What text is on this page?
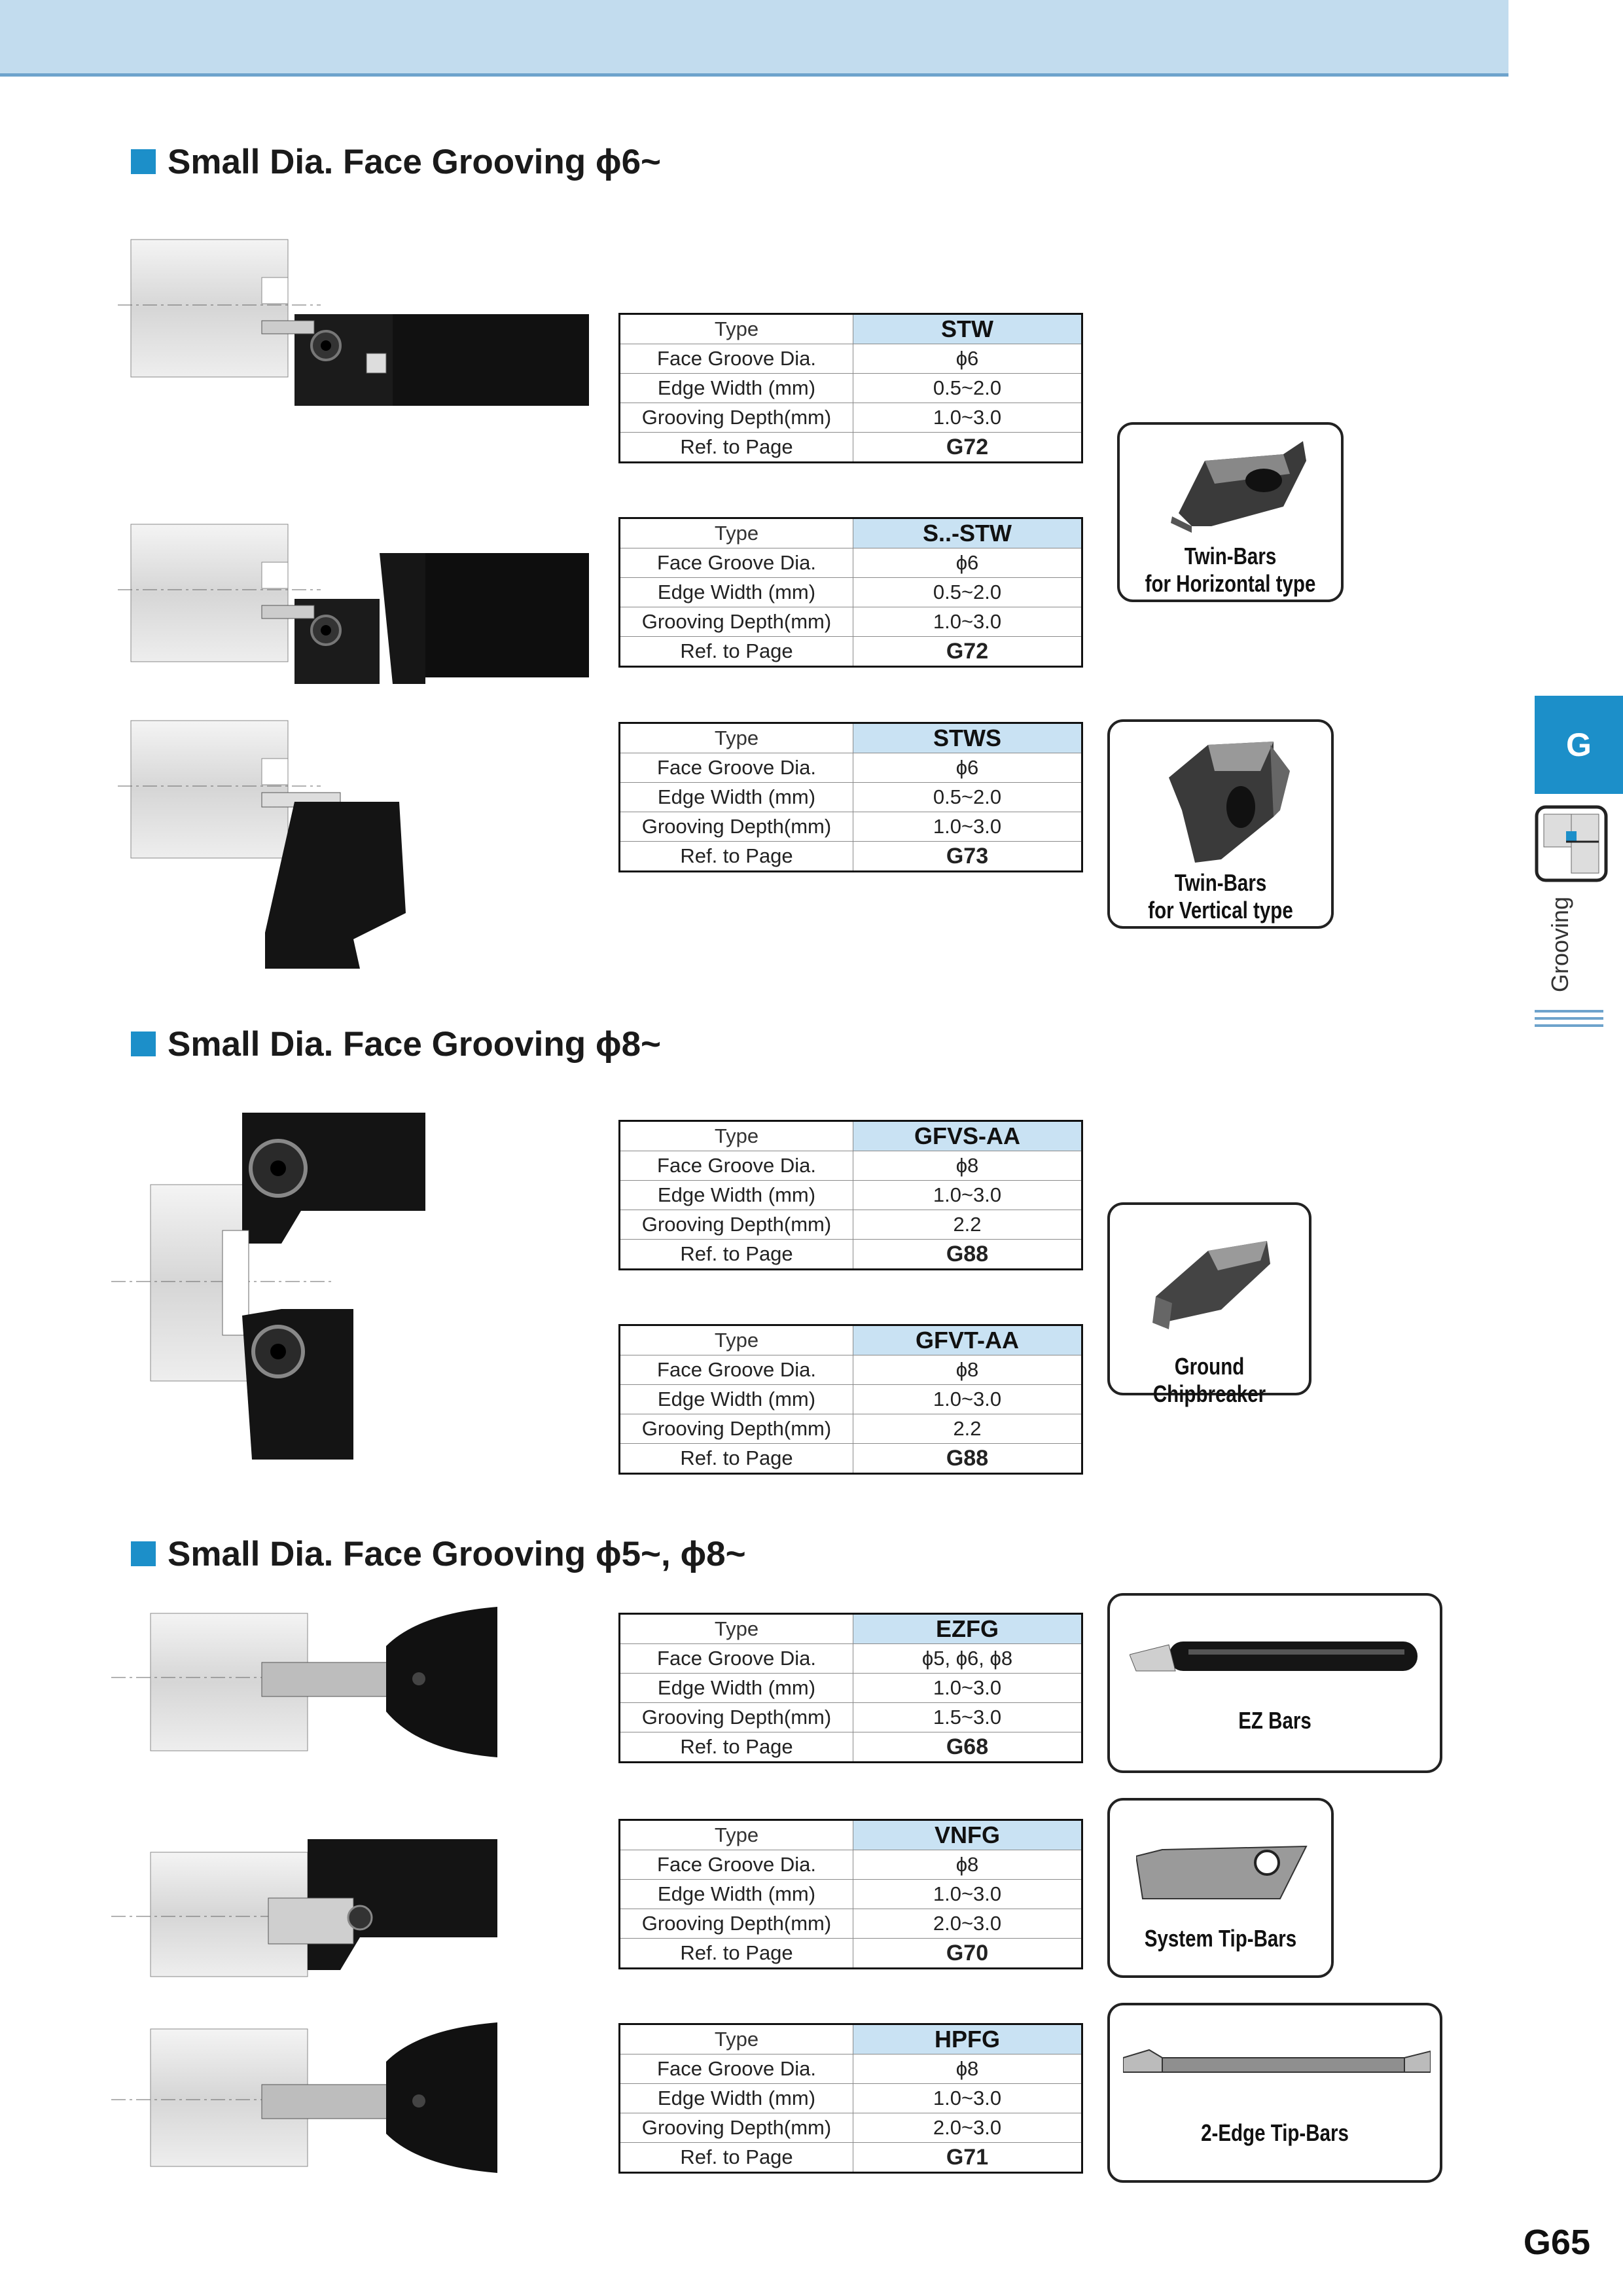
Small Dia. Face Grooving ϕ6~
Small Dia. Face Grooving ϕ8~
Small Dia. Face Grooving ϕ5~, ϕ8~
Type	STW
Face Groove Dia.	ϕ6
Edge Width (mm)	0.5~2.0
Grooving Depth(mm)	1.0~3.0
Ref. to Page	G72
Type	S..-STW
Face Groove Dia.	ϕ6
Edge Width (mm)	0.5~2.0
Grooving Depth(mm)	1.0~3.0
Ref. to Page	G72
Type	STWS
Face Groove Dia.	ϕ6
Edge Width (mm)	0.5~2.0
Grooving Depth(mm)	1.0~3.0
Ref. to Page	G73
Type	GFVS-AA
Face Groove Dia.	ϕ8
Edge Width (mm)	1.0~3.0
Grooving Depth(mm)	2.2
Ref. to Page	G88
Type	GFVT-AA
Face Groove Dia.	ϕ8
Edge Width (mm)	1.0~3.0
Grooving Depth(mm)	2.2
Ref. to Page	G88
Type	EZFG
Face Groove Dia.	ϕ5, ϕ6, ϕ8
Edge Width (mm)	1.0~3.0
Grooving Depth(mm)	1.5~3.0
Ref. to Page	G68
Type	VNFG
Face Groove Dia.	ϕ8
Edge Width (mm)	1.0~3.0
Grooving Depth(mm)	2.0~3.0
Ref. to Page	G70
Type	HPFG
Face Groove Dia.	ϕ8
Edge Width (mm)	1.0~3.0
Grooving Depth(mm)	2.0~3.0
Ref. to Page	G71
Twin-Bars
for Horizontal type
Twin-Bars
for Vertical type
Ground Chipbreaker
EZ Bars
System Tip-Bars
2-Edge Tip-Bars
G
Grooving
G65
